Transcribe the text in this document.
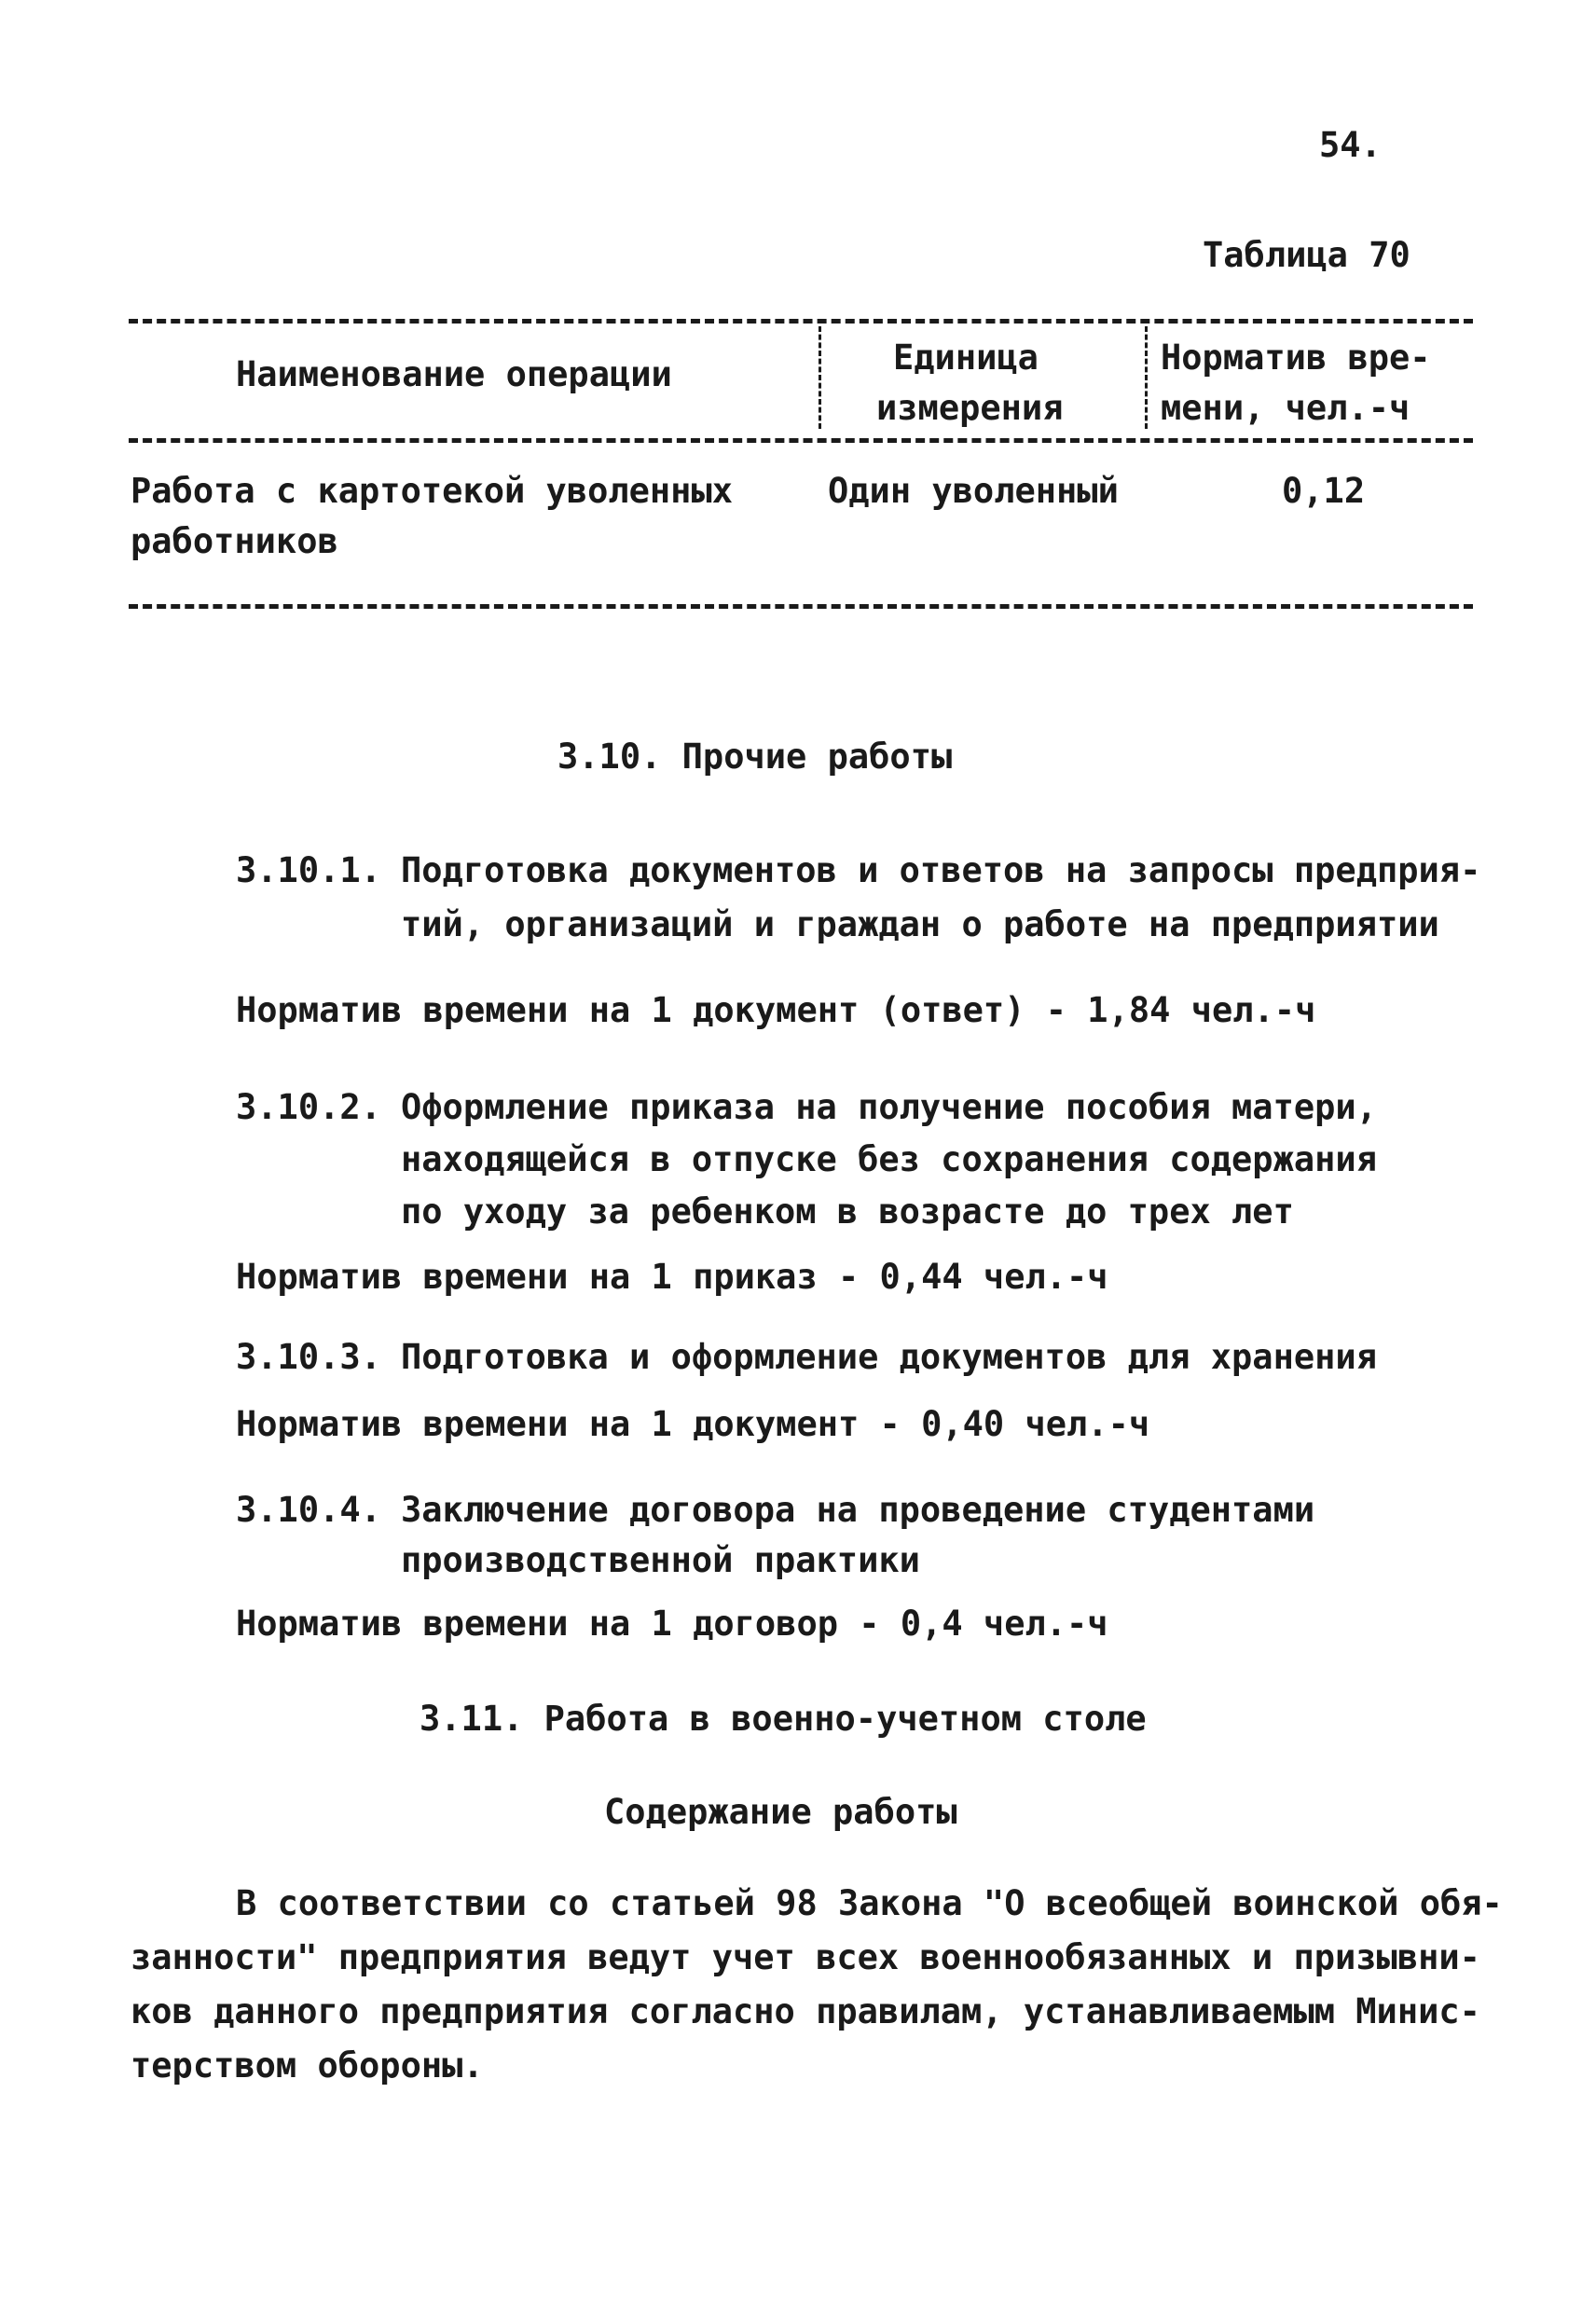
54.
Таблица 70
Наименование операции	Единица
измерения
Норматив вре-
мени, чел.-ч
Работа с картотекой уволенных
работников
Один уволенный	0,12
3.10. Прочие работы
3.10.1. Подготовка документов и ответов на запросы предприя-
тий, организаций и граждан о работе на предприятии
Норматив времени на 1 документ (ответ) - 1,84 чел.-ч
3.10.2. Оформление приказа на получение пособия матери,
находящейся в отпуске без сохранения содержания
по уходу за ребенком в возрасте до трех лет
Норматив времени на 1 приказ - 0,44 чел.-ч
3.10.3. Подготовка и оформление документов для хранения
Норматив времени на 1 документ - 0,40 чел.-ч
3.10.4. Заключение договора на проведение студентами
производственной практики
Норматив времени на 1 договор - 0,4 чел.-ч
3.11. Работа в военно-учетном столе
Содержание работы
В соответствии со статьей 98 Закона "О всеобщей воинской обя-
занности" предприятия ведут учет всех военнообязанных и призывни-
ков данного предприятия согласно правилам, устанавливаемым Минис-
терством обороны.
